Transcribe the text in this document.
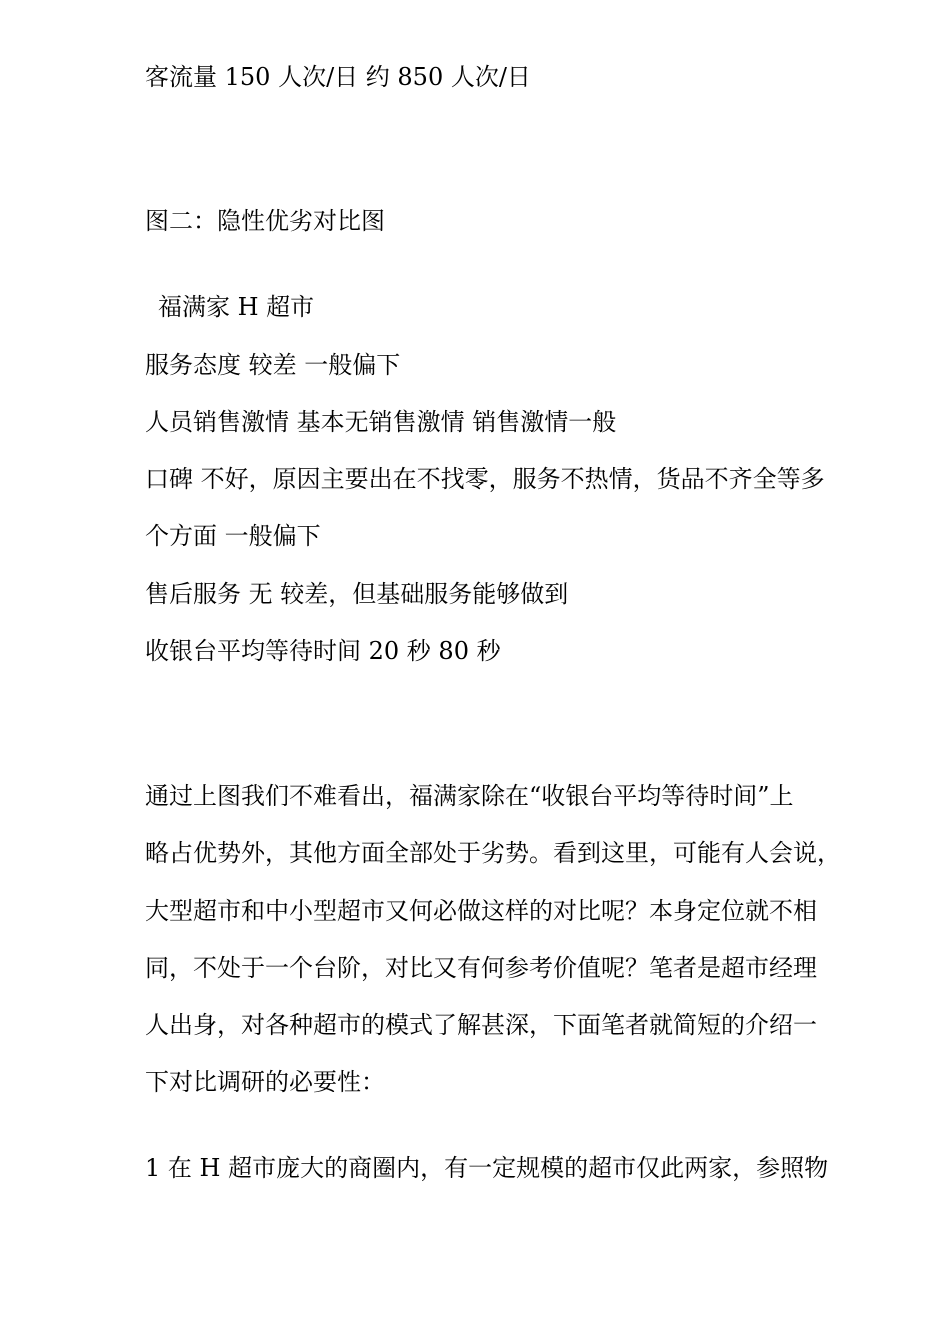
客流量 150 人次/日 约 850 人次/日

图二：隐性优劣对比图

福满家 H 超市

服务态度 较差 一般偏下

人员销售激情 基本无销售激情 销售激情一般

口碑 不好，原因主要出在不找零，服务不热情，货品不齐全等多

个方面 一般偏下

售后服务 无 较差，但基础服务能够做到

收银台平均等待时间 20 秒 80 秒

通过上图我们不难看出，福满家除在“收银台平均等待时间”上

略占优势外，其他方面全部处于劣势。看到这里，可能有人会说，

大型超市和中小型超市又何必做这样的对比呢？本身定位就不相

同，不处于一个台阶，对比又有何参考价值呢？笔者是超市经理

人出身，对各种超市的模式了解甚深，下面笔者就简短的介绍一

下对比调研的必要性：

1 在 H 超市庞大的商圈内，有一定规模的超市仅此两家，参照物
